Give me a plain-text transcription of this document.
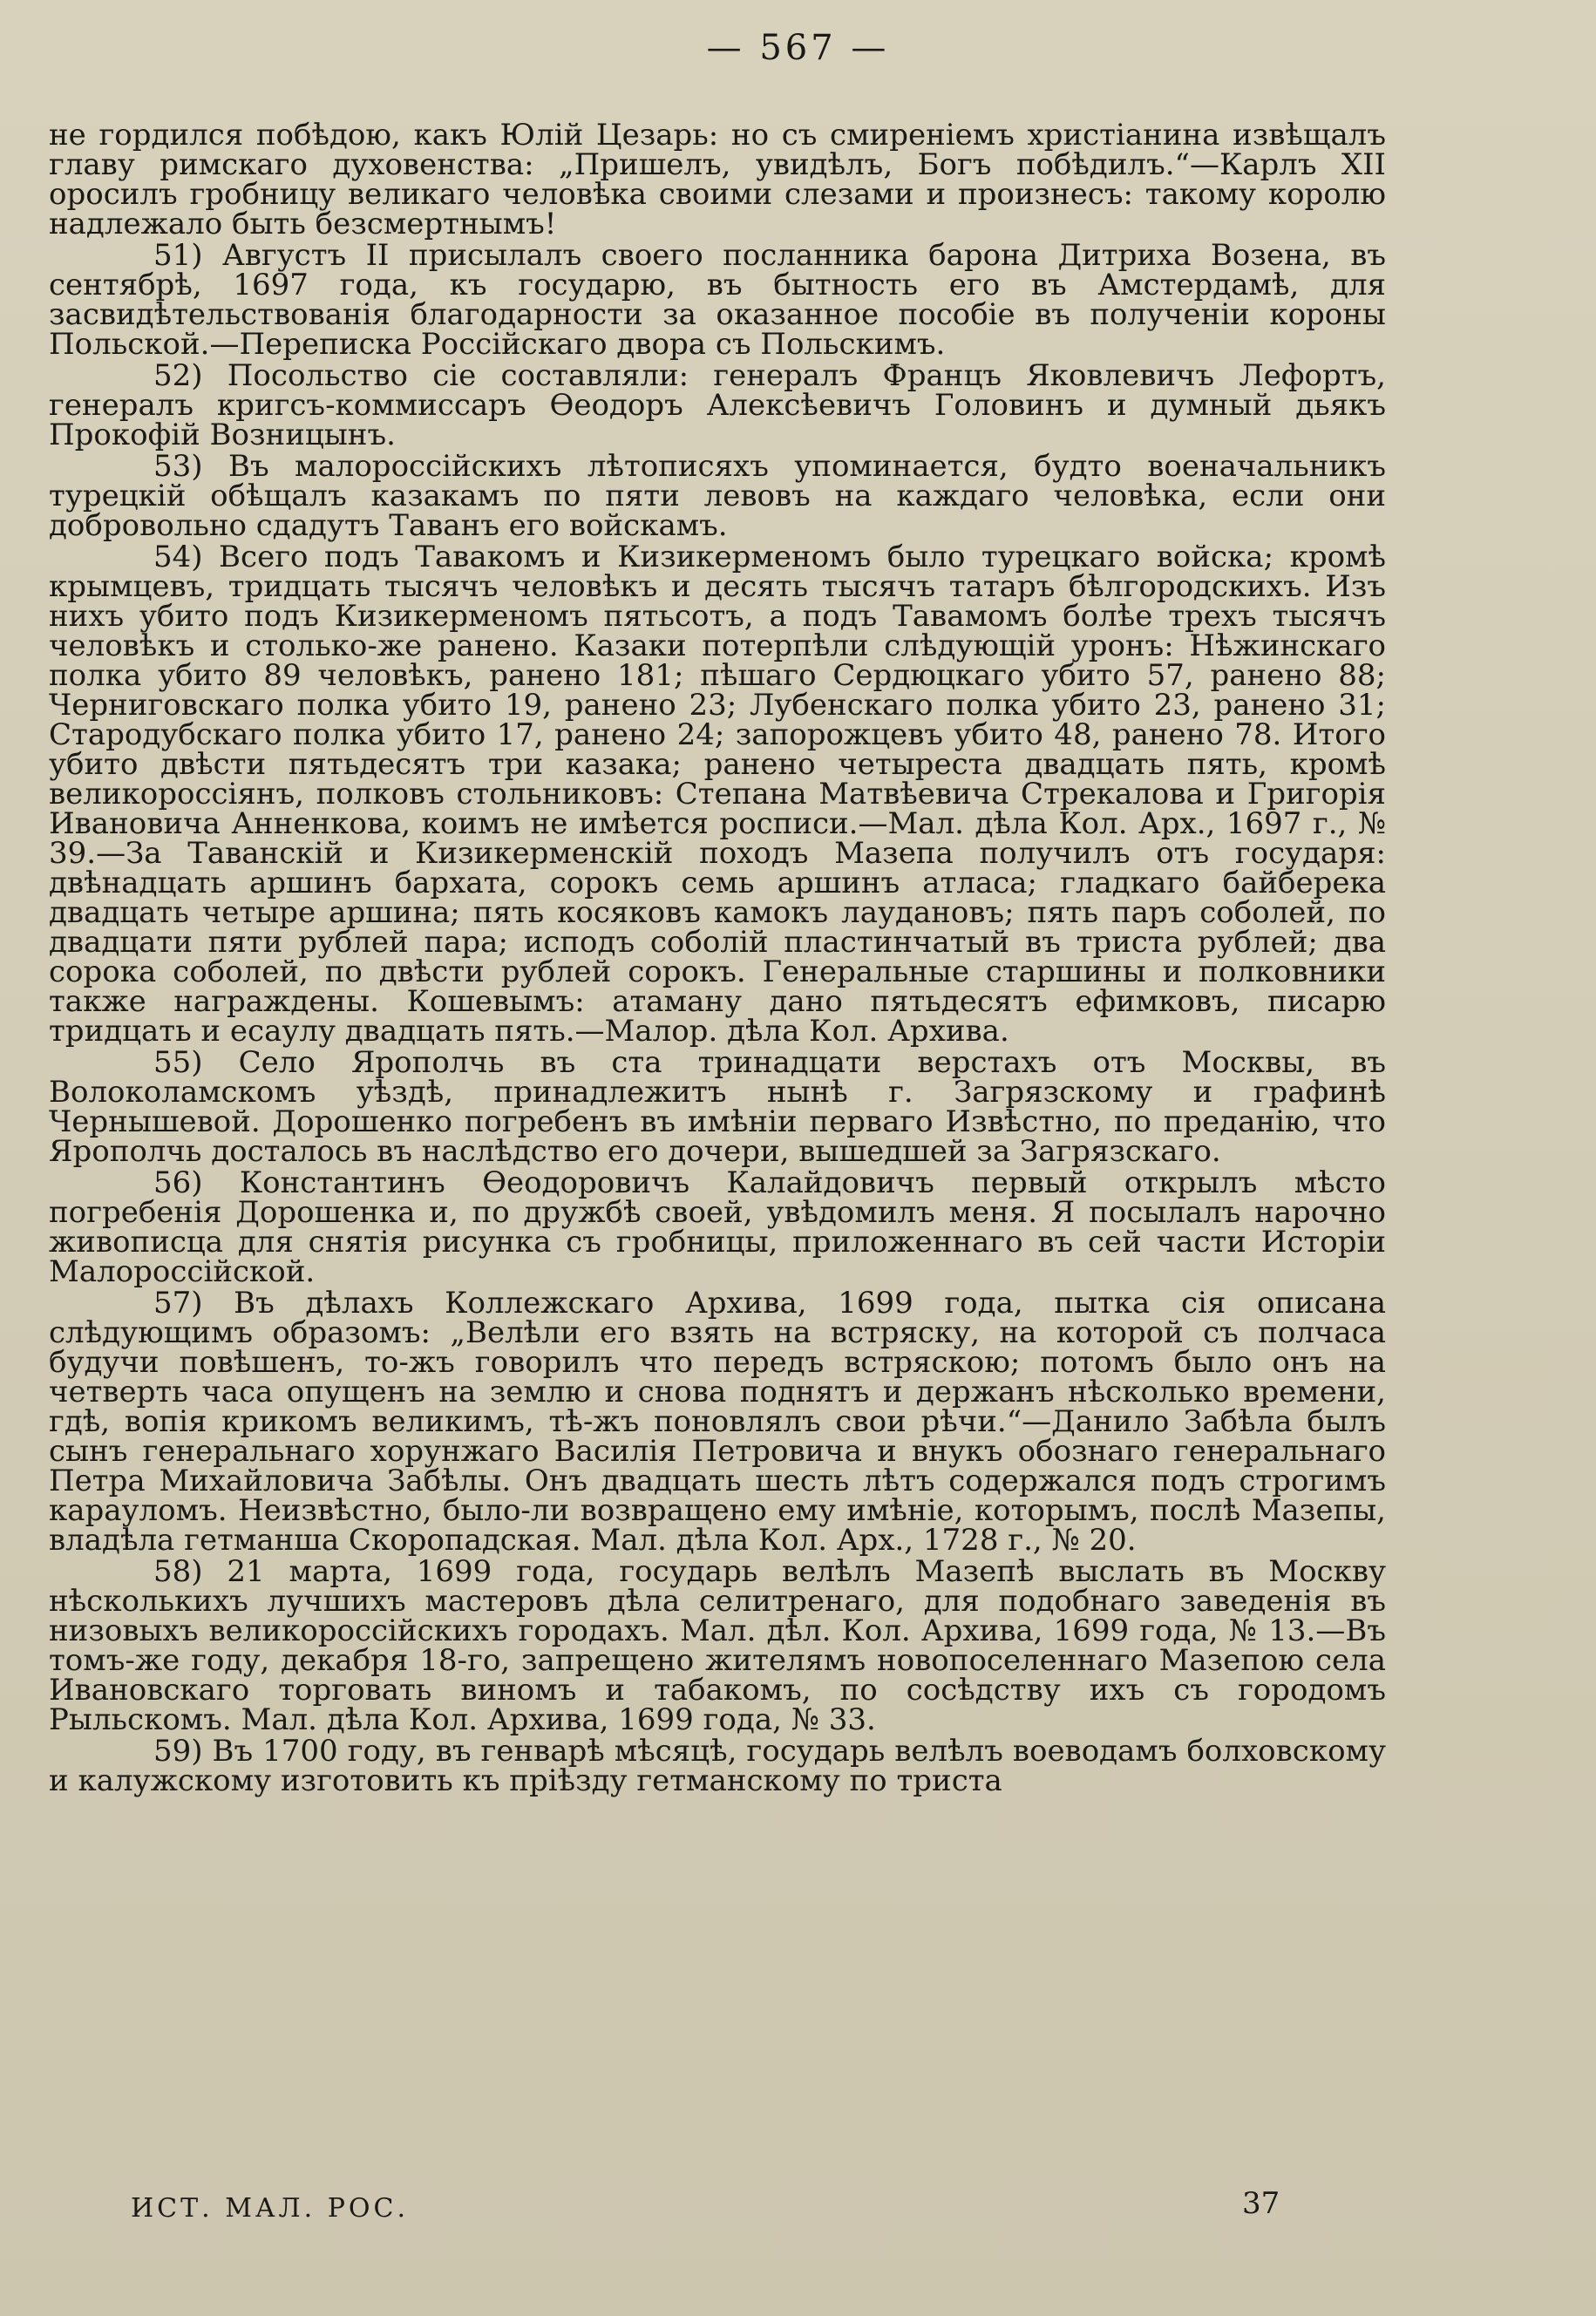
— 567 —

не гордился побѣдою, какъ Юлій Цезарь: но съ смиреніемъ христіанина извѣщалъ главу римскаго духовенства: „Пришелъ, увидѣлъ, Богъ побѣдилъ.“—Карлъ XII оросилъ гробницу великаго человѣка своими слезами и произнесъ: такому королю надлежало быть безсмертнымъ!

51) Августъ II присылалъ своего посланника барона Дитриха Возена, въ сентябрѣ, 1697 года, къ государю, въ бытность его въ Амстердамѣ, для засвидѣтельствованія благодарности за оказанное пособіе въ полученіи короны Польской.—Переписка Россійскаго двора съ Польскимъ.

52) Посольство сіе составляли: генералъ Францъ Яковлевичъ Лефортъ, генералъ кригсъ-коммиссаръ Ѳеодоръ Алексѣевичъ Головинъ и думный дьякъ Прокофій Возницынъ.

53) Въ малороссійскихъ лѣтописяхъ упоминается, будто военачальникъ турецкій обѣщалъ казакамъ по пяти левовъ на каждаго человѣка, если они добровольно сдадутъ Таванъ его войскамъ.

54) Всего подъ Тавакомъ и Кизикерменомъ было турецкаго войска; кромѣ крымцевъ, тридцать тысячъ человѣкъ и десять тысячъ татаръ бѣлгородскихъ. Изъ нихъ убито подъ Кизикерменомъ пятьсотъ, а подъ Тавамомъ болѣе трехъ тысячъ человѣкъ и столько-же ранено. Казаки потерпѣли слѣдующій уронъ: Нѣжинскаго полка убито 89 человѣкъ, ранено 181; пѣшаго Сердюцкаго убито 57, ранено 88; Черниговскаго полка убито 19, ранено 23; Лубенскаго полка убито 23, ранено 31; Стародубскаго полка убито 17, ранено 24; запорожцевъ убито 48, ранено 78. Итого убито двѣсти пятьдесятъ три казака; ранено четыреста двадцать пять, кромѣ великороссіянъ, полковъ стольниковъ: Степана Матвѣевича Стрекалова и Григорія Ивановича Анненкова, коимъ не имѣется росписи.—Мал. дѣла Кол. Арх., 1697 г., № 39.—За Таванскій и Кизикерменскій походъ Мазепа получилъ отъ государя: двѣнадцать аршинъ бархата, сорокъ семь аршинъ атласа; гладкаго байберека двадцать четыре аршина; пять косяковъ камокъ лаудановъ; пять паръ соболей, по двадцати пяти рублей пара; исподъ соболій пластинчатый въ триста рублей; два сорока соболей, по двѣсти рублей сорокъ. Генеральные старшины и полковники также награждены. Кошевымъ: атаману дано пятьдесятъ ефимковъ, писарю тридцать и есаулу двадцать пять.—Малор. дѣла Кол. Архива.

55) Село Ярополчь въ ста тринадцати верстахъ отъ Москвы, въ Волоколамскомъ уѣздѣ, принадлежитъ нынѣ г. Загрязскому и графинѣ Чернышевой. Дорошенко погребенъ въ имѣніи перваго Извѣстно, по преданію, что Ярополчь досталось въ наслѣдство его дочери, вышедшей за Загрязскаго.

56) Константинъ Ѳеодоровичъ Калайдовичъ первый открылъ мѣсто погребенія Дорошенка и, по дружбѣ своей, увѣдомилъ меня. Я посылалъ нарочно живописца для снятія рисунка съ гробницы, приложеннаго въ сей части Исторіи Малороссійской.

57) Въ дѣлахъ Коллежскаго Архива, 1699 года, пытка сія описана слѣдующимъ образомъ: „Велѣли его взять на встряску, на которой съ полчаса будучи повѣшенъ, то-жъ говорилъ что передъ встряскою; потомъ было онъ на четверть часа опущенъ на землю и снова поднятъ и держанъ нѣсколько времени, гдѣ, вопія крикомъ великимъ, тѣ-жъ поновлялъ свои рѣчи.“—Данило Забѣла былъ сынъ генеральнаго хорунжаго Василія Петровича и внукъ обознаго генеральнаго Петра Михайловича Забѣлы. Онъ двадцать шесть лѣтъ содержался подъ строгимъ карауломъ. Неизвѣстно, было-ли возвращено ему имѣніе, которымъ, послѣ Мазепы, владѣла гетманша Скоропадская. Мал. дѣла Кол. Арх., 1728 г., № 20.

58) 21 марта, 1699 года, государь велѣлъ Мазепѣ выслать въ Москву нѣсколькихъ лучшихъ мастеровъ дѣла селитренаго, для подобнаго заведенія въ низовыхъ великороссійскихъ городахъ. Мал. дѣл. Кол. Архива, 1699 года, № 13.—Въ томъ-же году, декабря 18-го, запрещено жителямъ новопоселеннаго Мазепою села Ивановскаго торговать виномъ и табакомъ, по сосѣдству ихъ съ городомъ Рыльскомъ. Мал. дѣла Кол. Архива, 1699 года, № 33.

59) Въ 1700 году, въ генварѣ мѣсяцѣ, государь велѣлъ воеводамъ болховскому и калужскому изготовить къ пріѣзду гетманскому по триста

ИСТ. МАЛ. РОС.	37
